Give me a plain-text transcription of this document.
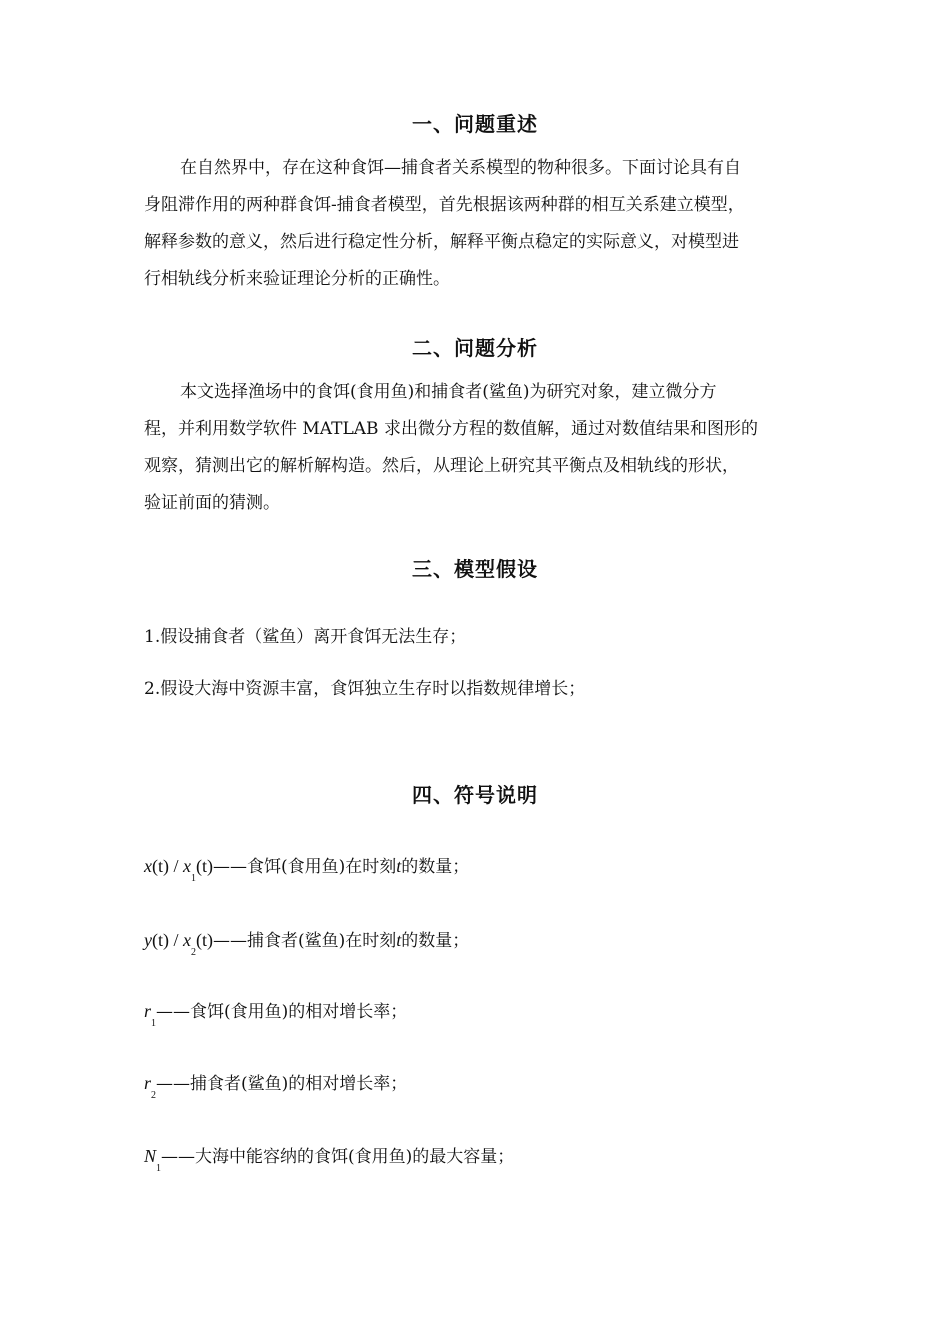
一、问题重述
在自然界中，存在这种食饵—捕食者关系模型的物种很多。下面讨论具有自
身阻滞作用的两种群食饵-捕食者模型，首先根据该两种群的相互关系建立模型，
解释参数的意义，然后进行稳定性分析，解释平衡点稳定的实际意义，对模型进
行相轨线分析来验证理论分析的正确性。
二、问题分析
本文选择渔场中的食饵(食用鱼)和捕食者(鲨鱼)为研究对象，建立微分方
程，并利用数学软件 MATLAB 求出微分方程的数值解，通过对数值结果和图形的
观察，猜测出它的解析解构造。然后，从理论上研究其平衡点及相轨线的形状，
验证前面的猜测。
三、模型假设
1.假设捕食者（鲨鱼）离开食饵无法生存；
2.假设大海中资源丰富，食饵独立生存时以指数规律增长；
四、符号说明
$x(t) / x_1(t)——$食饵(食用鱼)在时刻t的数量；
$y(t) / x_2(t)——$捕食者(鲨鱼)在时刻t的数量；
$r_1——$食饵(食用鱼)的相对增长率；
$r_2——$捕食者(鲨鱼)的相对增长率；
$N_1——$大海中能容纳的食饵(食用鱼)的最大容量；
